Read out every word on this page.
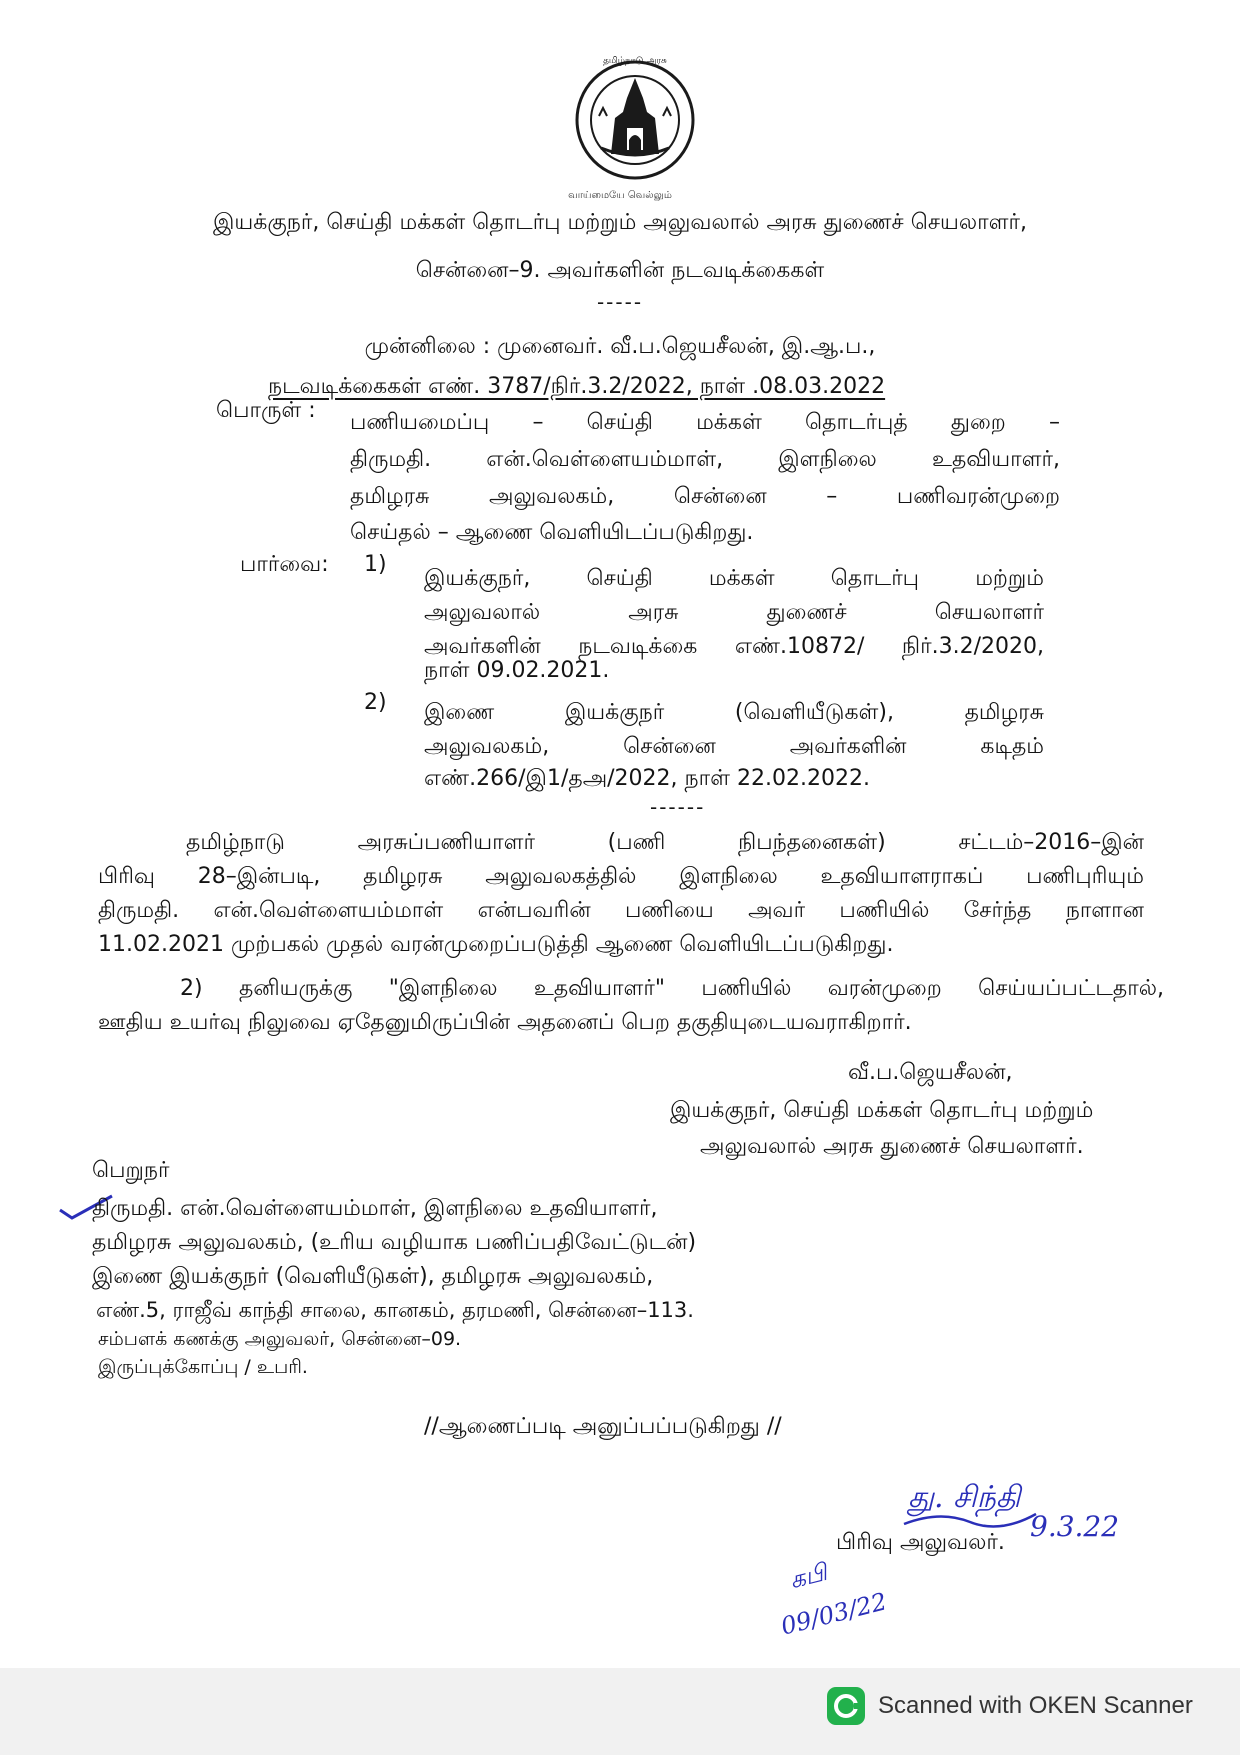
தமிழ்நாடு அரசு
வாய்மையே வெல்லும்
இயக்குநர், செய்தி மக்கள் தொடர்பு மற்றும் அலுவலால் அரசு துணைச் செயலாளர்,
சென்னை–9. அவர்களின் நடவடிக்கைகள்
-----
முன்னிலை : முனைவர். வீ.ப.ஜெயசீலன், இ.ஆ.ப.,
நடவடிக்கைகள் எண். 3787/நிர்.3.2/2022, நாள் .08.03.2022
பொருள் : பணியமைப்பு – செய்தி மக்கள் தொடர்புத் துறை –
திருமதி. என்.வெள்ளையம்மாள், இளநிலை உதவியாளர்,
தமிழரசு அலுவலகம், சென்னை – பணிவரன்முறை
செய்தல் – ஆணை வெளியிடப்படுகிறது.
பார்வை: 1)
இயக்குநர், செய்தி மக்கள் தொடர்பு மற்றும்
அலுவலால் அரசு துணைச் செயலாளர்
அவர்களின் நடவடிக்கை எண்.10872/ நிர்.3.2/2020,
நாள் 09.02.2021.
2) இணை இயக்குநர் (வெளியீடுகள்), தமிழரசு
அலுவலகம், சென்னை அவர்களின் கடிதம்
எண்.266/இ1/தஅ/2022, நாள் 22.02.2022.
------
தமிழ்நாடு அரசுப்பணியாளர் (பணி நிபந்தனைகள்) சட்டம்–2016–இன்
பிரிவு 28–இன்படி, தமிழரசு அலுவலகத்தில் இளநிலை உதவியாளராகப் பணிபுரியும்
திருமதி. என்.வெள்ளையம்மாள் என்பவரின் பணியை அவர் பணியில் சேர்ந்த நாளான
11.02.2021 முற்பகல் முதல் வரன்முறைப்படுத்தி ஆணை வெளியிடப்படுகிறது.
2) தனியருக்கு "இளநிலை உதவியாளர்" பணியில் வரன்முறை செய்யப்பட்டதால்,
ஊதிய உயர்வு நிலுவை ஏதேனுமிருப்பின் அதனைப் பெற தகுதியுடையவராகிறார்.
வீ.ப.ஜெயசீலன்,
இயக்குநர், செய்தி மக்கள் தொடர்பு மற்றும்
அலுவலால் அரசு துணைச் செயலாளர்.
பெறுநர்
திருமதி. என்.வெள்ளையம்மாள், இளநிலை உதவியாளர்,
தமிழரசு அலுவலகம், (உரிய வழியாக பணிப்பதிவேட்டுடன்)
இணை இயக்குநர் (வெளியீடுகள்), தமிழரசு அலுவலகம்,
எண்.5, ராஜீவ் காந்தி சாலை, கானகம், தரமணி, சென்னை–113.
சம்பளக் கணக்கு அலுவலர், சென்னை–09.
இருப்புக்கோப்பு / உபரி.
//ஆணைப்படி அனுப்பப்படுகிறது //
து. சிந்தி
9.3.22
பிரிவு அலுவலர்.
கபி
09/03/22
Scanned with OKEN Scanner
